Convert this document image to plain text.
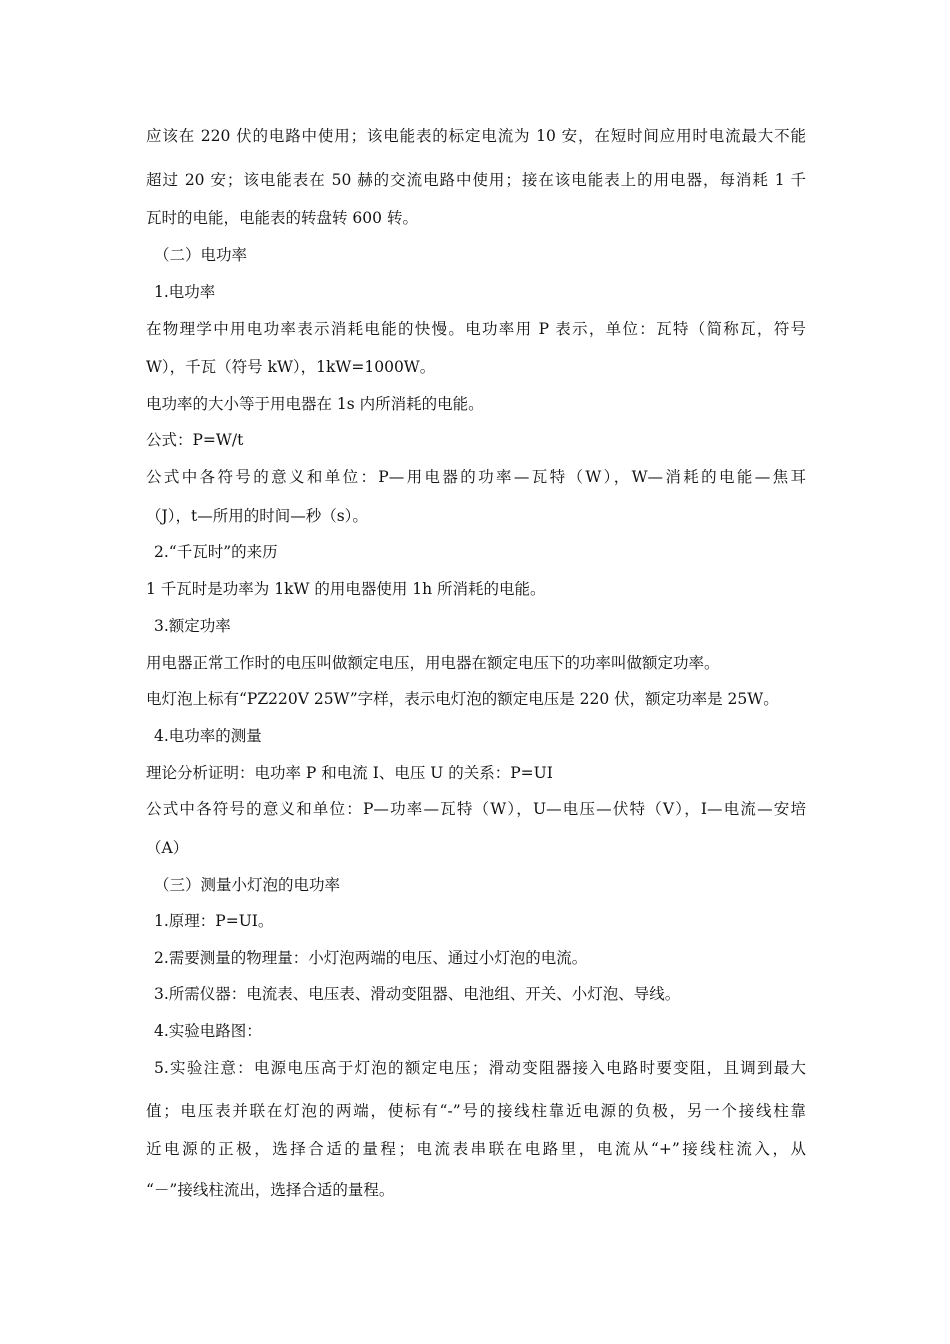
应该在 220 伏的电路中使用；该电能表的标定电流为 10 安，在短时间应用时电流最大不能
超过 20 安；该电能表在 50 赫的交流电路中使用；接在该电能表上的用电器，每消耗 1 千
瓦时的电能，电能表的转盘转 600 转。
（二）电功率
1.电功率
在物理学中用电功率表示消耗电能的快慢。电功率用 P 表示，单位：瓦特（简称瓦，符号
W），千瓦（符号 kW），1kW=1000W。
电功率的大小等于用电器在 1s 内所消耗的电能。
公式：P=W/t
公式中各符号的意义和单位：P—用电器的功率—瓦特（W），W—消耗的电能—焦耳
（J），t—所用的时间—秒（s）。
2.“千瓦时”的来历
1 千瓦时是功率为 1kW 的用电器使用 1h 所消耗的电能。
3.额定功率
用电器正常工作时的电压叫做额定电压，用电器在额定电压下的功率叫做额定功率。
电灯泡上标有“PZ220V 25W”字样，表示电灯泡的额定电压是 220 伏，额定功率是 25W。
4.电功率的测量
理论分析证明：电功率 P 和电流 I、电压 U 的关系：P=UI
公式中各符号的意义和单位：P—功率—瓦特（W），U—电压—伏特（V），I—电流—安培
（A）
（三）测量小灯泡的电功率
1.原理：P=UI。
2.需要测量的物理量：小灯泡两端的电压、通过小灯泡的电流。
3.所需仪器：电流表、电压表、滑动变阻器、电池组、开关、小灯泡、导线。
4.实验电路图：
5.实验注意：电源电压高于灯泡的额定电压；滑动变阻器接入电路时要变阻，且调到最大
值；电压表并联在灯泡的两端，使标有“-”号的接线柱靠近电源的负极，另一个接线柱靠
近电源的正极，选择合适的量程；电流表串联在电路里，电流从“+”接线柱流入，从
“－”接线柱流出，选择合适的量程。
